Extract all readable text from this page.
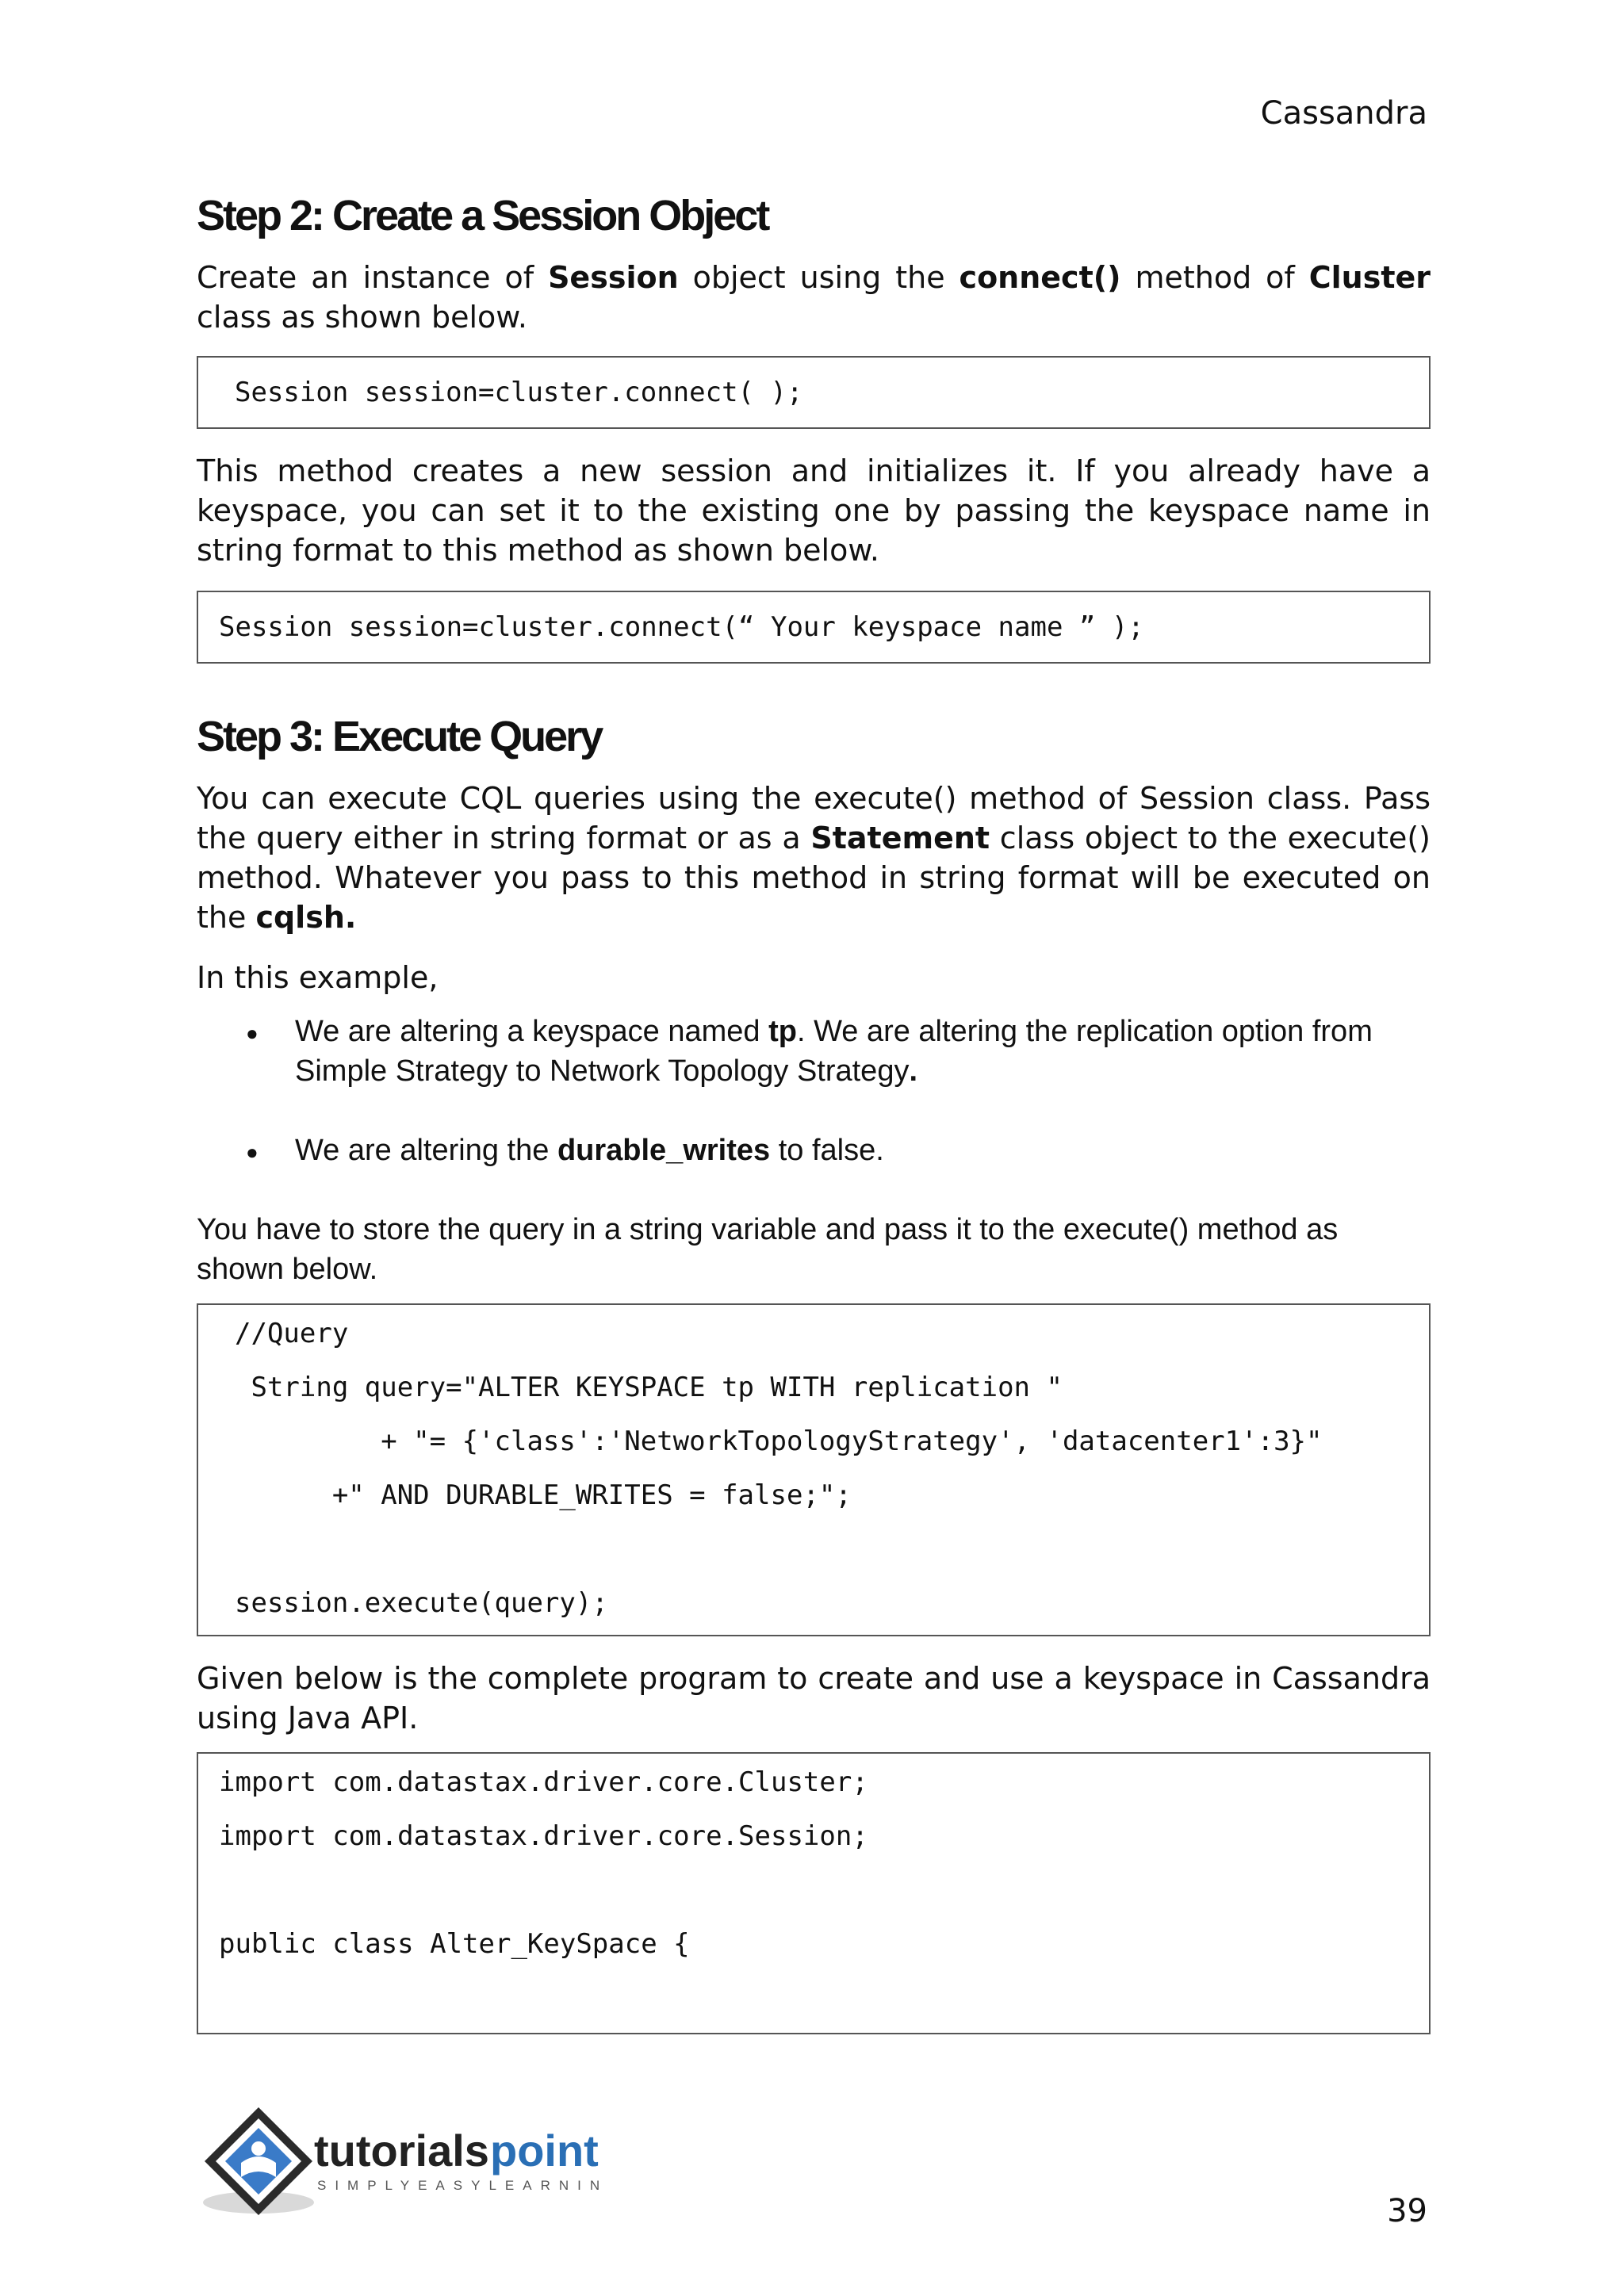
Cassandra
Step 2: Create a Session Object

Create an instance of Session object using the connect() method of Cluster class as shown below.

Session session=cluster.connect( );

This method creates a new session and initializes it. If you already have a keyspace, you can set it to the existing one by passing the keyspace name in string format to this method as shown below.

Session session=cluster.connect(“ Your keyspace name ” );
Step 3: Execute Query

You can execute CQL queries using the execute() method of Session class. Pass the query either in string format or as a Statement class object to the execute() method. Whatever you pass to this method in string format will be executed on the cqlsh.

In this example,

● We are altering a keyspace named tp. We are altering the replication option from Simple Strategy to Network Topology Strategy.
● We are altering the durable_writes to false.

You have to store the query in a string variable and pass it to the execute() method as shown below.

//Query
String query="ALTER KEYSPACE tp WITH replication "
+ "= {'class':'NetworkTopologyStrategy', 'datacenter1':3}"
+" AND DURABLE_WRITES = false;";
session.execute(query);

Given below is the complete program to create and use a keyspace in Cassandra using Java API.

import com.datastax.driver.core.Cluster;
import com.datastax.driver.core.Session;
public class Alter_KeySpace {
tutorials point
SIMPLYEASYLEARNING
39
